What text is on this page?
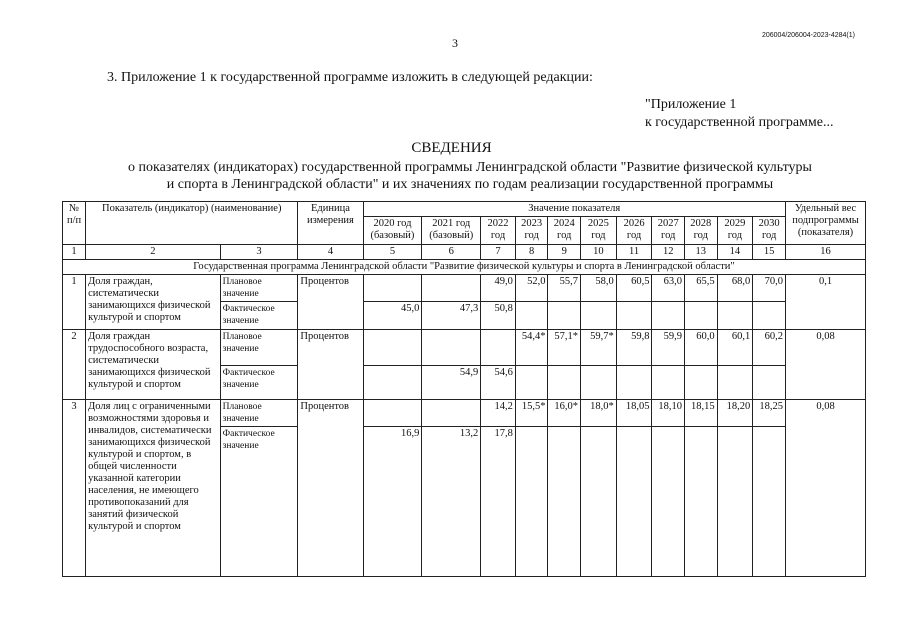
3
206004/206004-2023-4284(1)
3. Приложение 1 к государственной программе изложить в следующей редакции:
"Приложение 1
к государственной программе...
СВЕДЕНИЯ
о показателях (индикаторах) государственной программы Ленинградской области "Развитие физической культуры
и спорта в Ленинградской области" и их значениях по годам реализации государственной программы
№ п/п	Показатель (индикатор) (наименование)		Единица измерения	Значение показателя											Удельный вес подпрограммы (показателя)
				2020 год (базовый)	2021 год (базовый)	2022 год	2023 год	2024 год	2025 год	2026 год	2027 год	2028 год	2029 год	2030 год	
1	2	3	4	5	6	7	8	9	10	11	12	13	14	15	16
Государственная программа Ленинградской области "Развитие физической культуры и спорта в Ленинградской области"															
1	Доля граждан, систематически занимающихся физической культурой и спортом	Плановое значение	Процентов			49,0	52,0	55,7	58,0	60,5	63,0	65,5	68,0	70,0	0,1
		Фактическое значение		45,0	47,3	50,8									
2	Доля граждан трудоспособного возраста, систематически занимающихся физической культурой и спортом	Плановое значение	Процентов				54,4*	57,1*	59,7*	59,8	59,9	60,0	60,1	60,2	0,08
		Фактическое значение			54,9	54,6									
3	Доля лиц с ограниченными возможностями здоровья и инвалидов, систематически занимающихся физической культурой и спортом, в общей численности указанной категории населения, не имеющего противопоказаний для занятий физической культурой и спортом	Плановое значение	Процентов			14,2	15,5*	16,0*	18,0*	18,05	18,10	18,15	18,20	18,25	0,08
		Фактическое значение		16,9	13,2	17,8									
